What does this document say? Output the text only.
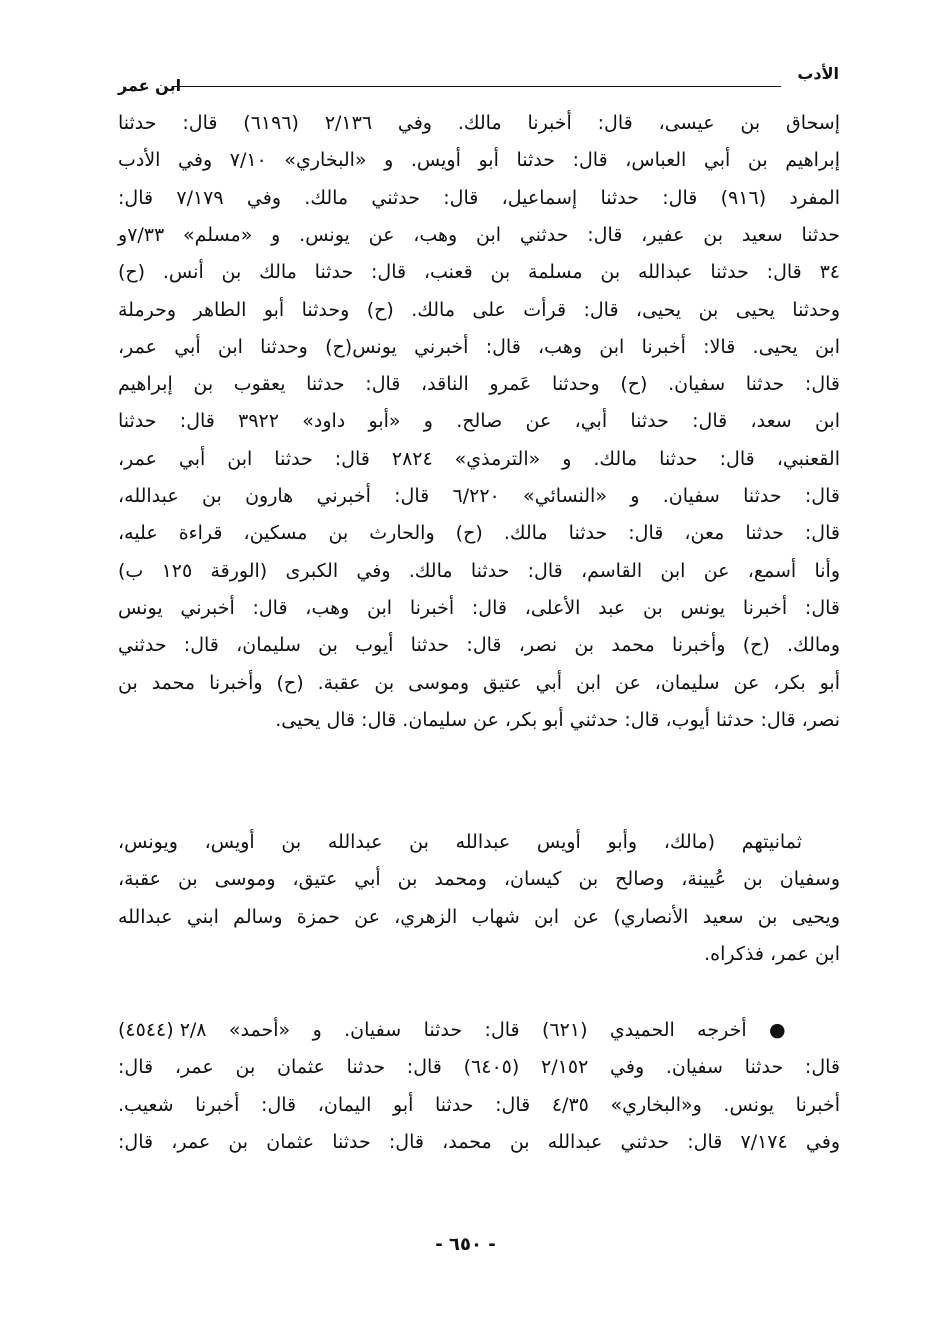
الأدب
ابن عمر
إسحاق بن عيسى، قال: أخبرنا مالك. وفي ٢/١٣٦ (٦١٩٦) قال: حدثنا
إبراهيم بن أبي العباس، قال: حدثنا أبو أويس. و «البخاري» ٧/١٠ وفي الأدب
المفرد (٩١٦) قال: حدثنا إسماعيل، قال: حدثني مالك. وفي ٧/١٧٩ قال:
حدثنا سعيد بن عفير، قال: حدثني ابن وهب، عن يونس. و «مسلم» ٧/٣٣و
٣٤ قال: حدثنا عبدالله بن مسلمة بن قعنب، قال: حدثنا مالك بن أنس. (ح)
وحدثنا يحيى بن يحيى، قال: قرأت على مالك. (ح) وحدثنا أبو الطاهر وحرملة
ابن يحيى. قالا: أخبرنا ابن وهب، قال: أخبرني يونس(ح) وحدثنا ابن أبي عمر،
قال: حدثنا سفيان. (ح) وحدثنا عَمرو الناقد، قال: حدثنا يعقوب بن إبراهيم
ابن سعد، قال: حدثنا أبي، عن صالح. و «أبو داود» ٣٩٢٢ قال: حدثنا
القعنبي، قال: حدثنا مالك. و «الترمذي» ٢٨٢٤ قال: حدثنا ابن أبي عمر،
قال: حدثنا سفيان. و «النسائي» ٦/٢٢٠ قال: أخبرني هارون بن عبدالله،
قال: حدثنا معن، قال: حدثنا مالك. (ح) والحارث بن مسكين، قراءة عليه،
وأنا أسمع، عن ابن القاسم، قال: حدثنا مالك. وفي الكبرى (الورقة ١٢٥ ب)
قال: أخبرنا يونس بن عبد الأعلى، قال: أخبرنا ابن وهب، قال: أخبرني يونس
ومالك. (ح) وأخبرنا محمد بن نصر، قال: حدثنا أيوب بن سليمان، قال: حدثني
أبو بكر، عن سليمان، عن ابن أبي عتيق وموسى بن عقبة. (ح) وأخبرنا محمد بن
نصر، قال: حدثنا أيوب، قال: حدثني أبو بكر، عن سليمان. قال: قال يحيى.
ثمانيتهم (مالك، وأبو أويس عبدالله بن عبدالله بن أويس، ويونس،
وسفيان بن عُيينة، وصالح بن كيسان، ومحمد بن أبي عتيق، وموسى بن عقبة،
ويحيى بن سعيد الأنصاري) عن ابن شهاب الزهري، عن حمزة وسالم ابني عبدالله
ابن عمر، فذكراه.
● أخرجه الحميدي (٦٢١) قال: حدثنا سفيان. و «أحمد» ٢/٨ (٤٥٤٤)
قال: حدثنا سفيان. وفي ٢/١٥٢ (٦٤٠٥) قال: حدثنا عثمان بن عمر، قال:
أخبرنا يونس. و«البخاري» ٤/٣٥ قال: حدثنا أبو اليمان، قال: أخبرنا شعيب.
وفي ٧/١٧٤ قال: حدثني عبدالله بن محمد، قال: حدثنا عثمان بن عمر، قال:
- ٦٥٠ -
